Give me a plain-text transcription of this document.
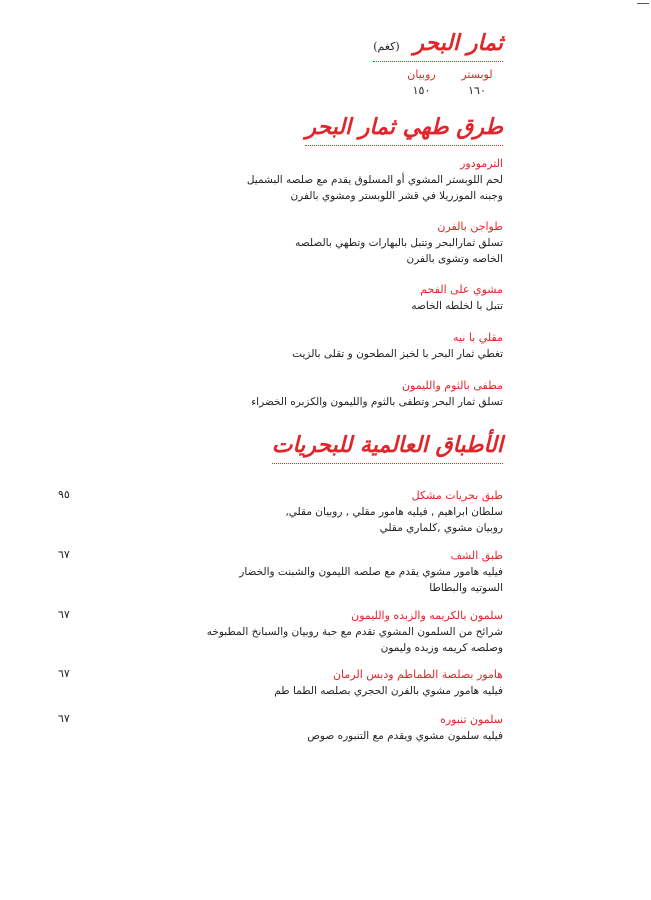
ثمار البحر (كغم)
لوبستر روبيان
١٦٠ ١٥٠
طرق طهي ثمار البحر
الترمودور
لحم اللوبستر المشوي أو المسلوق يقدم مع صلصه البشميل
وجبنه الموزريلا في قشر اللوبستر ومشوي بالفرن
طواجن بالفرن
تسلق ثمارالبحر وتتبل بالبهارات وتطهي بالصلصه
الخاصه وتشوى بالفرن
مشوي على الفحم
تتبل با لخلطه الخاصه
مقلي با نيه
تغطي ثمار البحر با لخبز المطحون و تقلى بالزيت
مطفى بالثوم والليمون
تسلق ثمار البحر وتطفى بالثوم والليمون والكزبره الخضراء
الأطباق العالمية للبحريات
طبق بحريات مشكل
سلطان ابراهيم , فيليه هامور مقلي , روبيان مقلي,
روبيان مشوي ,كلماري مقلي
٩٥
طبق الشف
فيليه هامور مشوي يقدم مع صلصه الليمون والشبنت والخضار
السوتيه والبطاطا
٦٧
سلمون بالكريمه والزبده والليمون
شرائح من السلمون المشوي تقدم مع حبة روبيان والسبانخ المطبوخه
وصلصه كريمه وزبده وليمون
٦٧
هامور بصلصة الطماطم ودبس الرمان
فيليه هامور مشوي بالفرن الحجري بصلصه الطما طم
٦٧
سلمون تنبوره
فيليه سلمون مشوي ويقدم مع التنبوره صوص
٦٧
